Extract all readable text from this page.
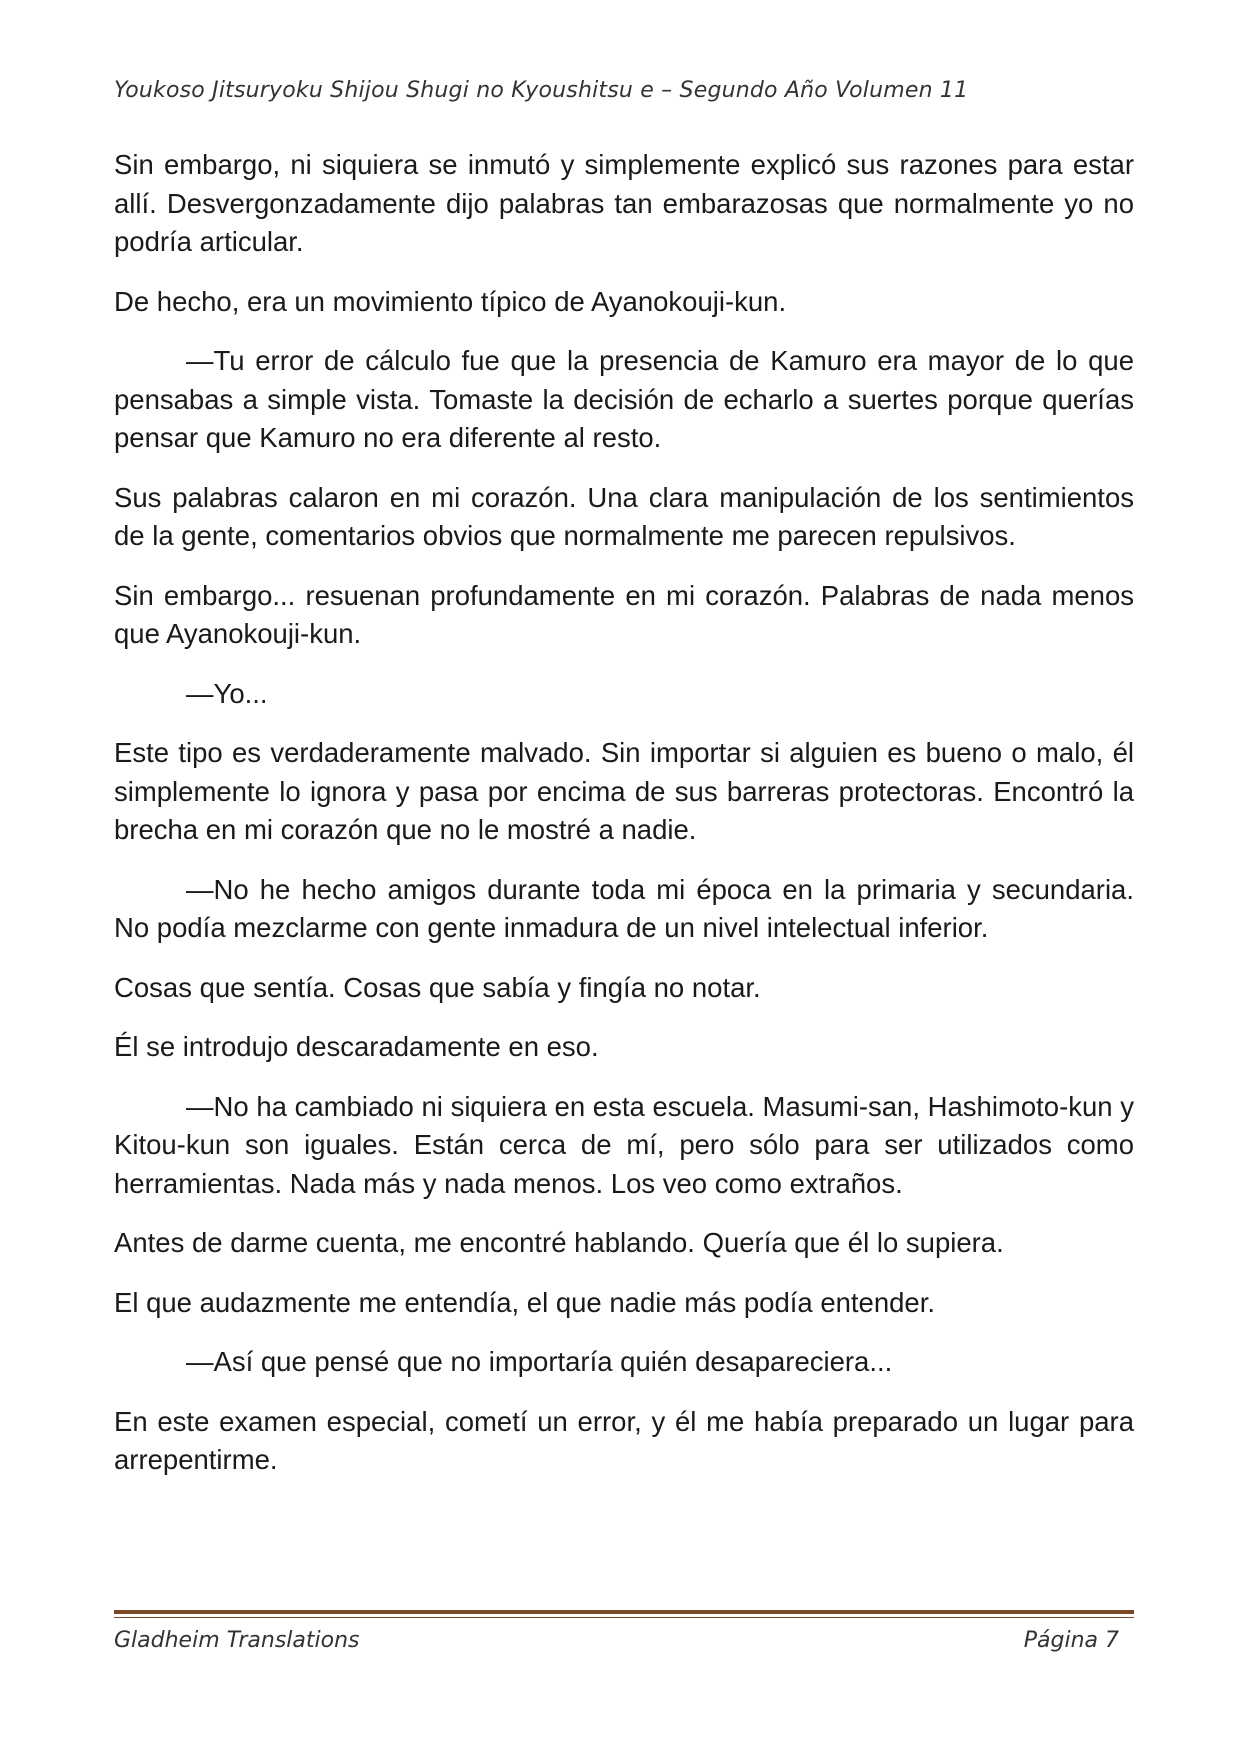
Youkoso Jitsuryoku Shijou Shugi no Kyoushitsu e – Segundo Año Volumen 11

Sin embargo, ni siquiera se inmutó y simplemente explicó sus razones para estar allí. Desvergonzadamente dijo palabras tan embarazosas que normalmente yo no podría articular.

De hecho, era un movimiento típico de Ayanokouji-kun.

—Tu error de cálculo fue que la presencia de Kamuro era mayor de lo que pensabas a simple vista. Tomaste la decisión de echarlo a suertes porque querías pensar que Kamuro no era diferente al resto.

Sus palabras calaron en mi corazón. Una clara manipulación de los sentimientos de la gente, comentarios obvios que normalmente me parecen repulsivos.

Sin embargo... resuenan profundamente en mi corazón. Palabras de nada menos que Ayanokouji-kun.

—Yo...

Este tipo es verdaderamente malvado. Sin importar si alguien es bueno o malo, él simplemente lo ignora y pasa por encima de sus barreras protectoras. Encontró la brecha en mi corazón que no le mostré a nadie.

—No he hecho amigos durante toda mi época en la primaria y secundaria. No podía mezclarme con gente inmadura de un nivel intelectual inferior.

Cosas que sentía. Cosas que sabía y fingía no notar.

Él se introdujo descaradamente en eso.

—No ha cambiado ni siquiera en esta escuela. Masumi-san, Hashimoto-kun y Kitou-kun son iguales. Están cerca de mí, pero sólo para ser utilizados como herramientas. Nada más y nada menos. Los veo como extraños.

Antes de darme cuenta, me encontré hablando. Quería que él lo supiera.

El que audazmente me entendía, el que nadie más podía entender.

—Así que pensé que no importaría quién desapareciera...

En este examen especial, cometí un error, y él me había preparado un lugar para arrepentirme.

Gladheim Translations	Página 7
